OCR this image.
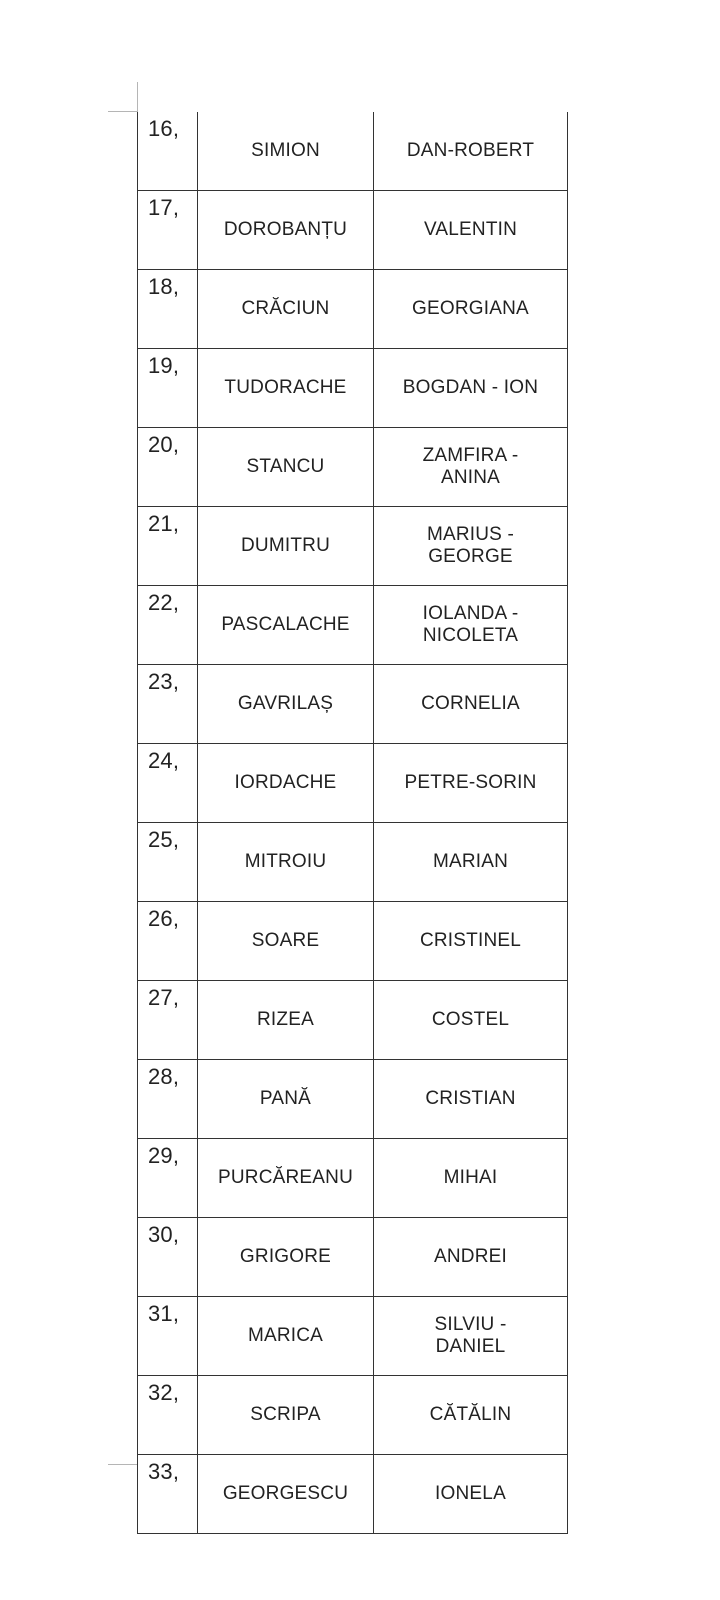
16,	SIMION	DAN-ROBERT
17,	DOROBANȚU	VALENTIN
18,	CRĂCIUN	GEORGIANA
19,	TUDORACHE	BOGDAN - ION
20,	STANCU	ZAMFIRA - ANINA
21,	DUMITRU	MARIUS - GEORGE
22,	PASCALACHE	IOLANDA - NICOLETA
23,	GAVRILAȘ	CORNELIA
24,	IORDACHE	PETRE-SORIN
25,	MITROIU	MARIAN
26,	SOARE	CRISTINEL
27,	RIZEA	COSTEL
28,	PANĂ	CRISTIAN
29,	PURCĂREANU	MIHAI
30,	GRIGORE	ANDREI
31,	MARICA	SILVIU - DANIEL
32,	SCRIPA	CĂTĂLIN
33,	GEORGESCU	IONELA
